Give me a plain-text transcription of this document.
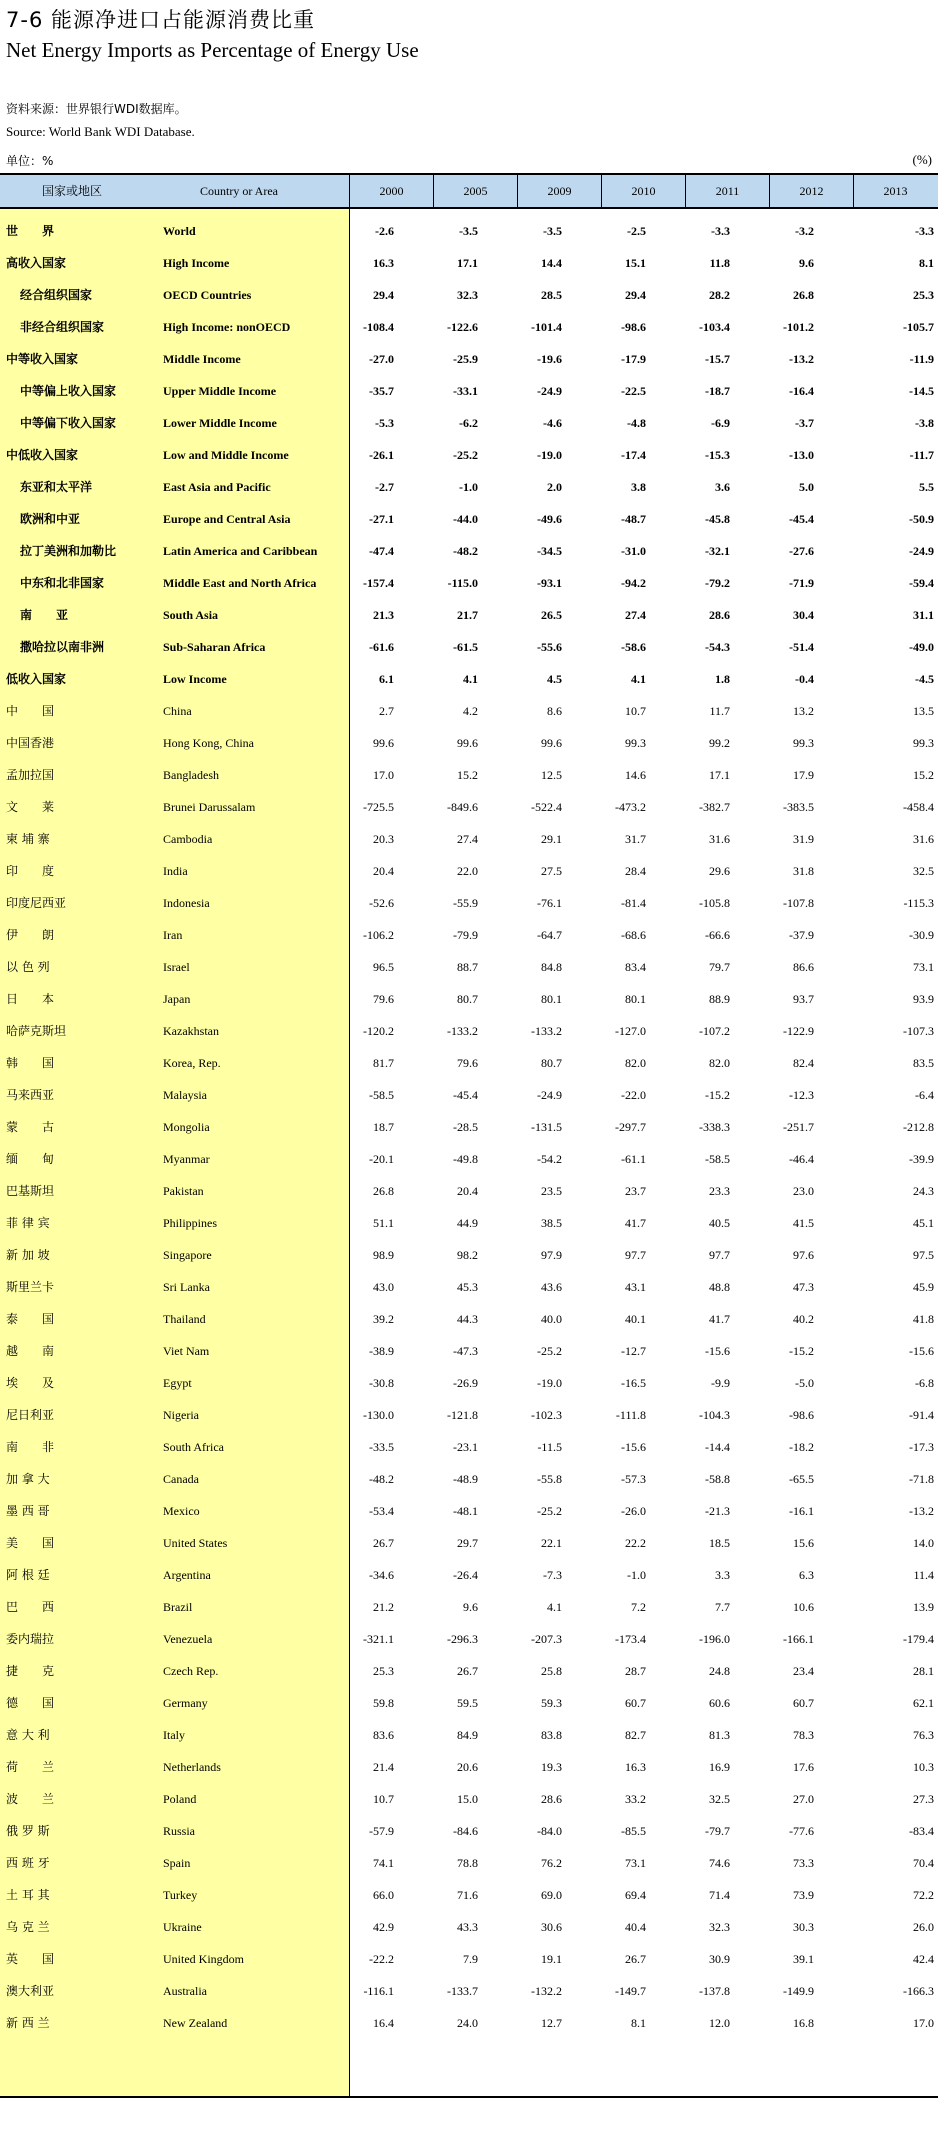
7-6 能源净进口占能源消费比重
Net Energy Imports as Percentage of Energy Use
资料来源：世界银行WDI数据库。
Source: World Bank WDI Database.
单位：%	(%)
国家或地区	Country or Area	2000	2005	2009	2010	2011	2012	2013
世　　界	World	-2.6	-3.5	-3.5	-2.5	-3.3	-3.2	-3.3
高收入国家	High Income	16.3	17.1	14.4	15.1	11.8	9.6	8.1
经合组织国家	OECD Countries	29.4	32.3	28.5	29.4	28.2	26.8	25.3
非经合组织国家	High Income: nonOECD	-108.4	-122.6	-101.4	-98.6	-103.4	-101.2	-105.7
中等收入国家	Middle Income	-27.0	-25.9	-19.6	-17.9	-15.7	-13.2	-11.9
中等偏上收入国家	Upper Middle Income	-35.7	-33.1	-24.9	-22.5	-18.7	-16.4	-14.5
中等偏下收入国家	Lower Middle Income	-5.3	-6.2	-4.6	-4.8	-6.9	-3.7	-3.8
中低收入国家	Low and Middle Income	-26.1	-25.2	-19.0	-17.4	-15.3	-13.0	-11.7
东亚和太平洋	East Asia and Pacific	-2.7	-1.0	2.0	3.8	3.6	5.0	5.5
欧洲和中亚	Europe and Central Asia	-27.1	-44.0	-49.6	-48.7	-45.8	-45.4	-50.9
拉丁美洲和加勒比	Latin America and Caribbean	-47.4	-48.2	-34.5	-31.0	-32.1	-27.6	-24.9
中东和北非国家	Middle East and North Africa	-157.4	-115.0	-93.1	-94.2	-79.2	-71.9	-59.4
南　　亚	South Asia	21.3	21.7	26.5	27.4	28.6	30.4	31.1
撒哈拉以南非洲	Sub-Saharan Africa	-61.6	-61.5	-55.6	-58.6	-54.3	-51.4	-49.0
低收入国家	Low Income	6.1	4.1	4.5	4.1	1.8	-0.4	-4.5
中　　国	China	2.7	4.2	8.6	10.7	11.7	13.2	13.5
中国香港	Hong Kong, China	99.6	99.6	99.6	99.3	99.2	99.3	99.3
孟加拉国	Bangladesh	17.0	15.2	12.5	14.6	17.1	17.9	15.2
文　　莱	Brunei Darussalam	-725.5	-849.6	-522.4	-473.2	-382.7	-383.5	-458.4
柬 埔 寨	Cambodia	20.3	27.4	29.1	31.7	31.6	31.9	31.6
印　　度	India	20.4	22.0	27.5	28.4	29.6	31.8	32.5
印度尼西亚	Indonesia	-52.6	-55.9	-76.1	-81.4	-105.8	-107.8	-115.3
伊　　朗	Iran	-106.2	-79.9	-64.7	-68.6	-66.6	-37.9	-30.9
以 色 列	Israel	96.5	88.7	84.8	83.4	79.7	86.6	73.1
日　　本	Japan	79.6	80.7	80.1	80.1	88.9	93.7	93.9
哈萨克斯坦	Kazakhstan	-120.2	-133.2	-133.2	-127.0	-107.2	-122.9	-107.3
韩　　国	Korea, Rep.	81.7	79.6	80.7	82.0	82.0	82.4	83.5
马来西亚	Malaysia	-58.5	-45.4	-24.9	-22.0	-15.2	-12.3	-6.4
蒙　　古	Mongolia	18.7	-28.5	-131.5	-297.7	-338.3	-251.7	-212.8
缅　　甸	Myanmar	-20.1	-49.8	-54.2	-61.1	-58.5	-46.4	-39.9
巴基斯坦	Pakistan	26.8	20.4	23.5	23.7	23.3	23.0	24.3
菲 律 宾	Philippines	51.1	44.9	38.5	41.7	40.5	41.5	45.1
新 加 坡	Singapore	98.9	98.2	97.9	97.7	97.7	97.6	97.5
斯里兰卡	Sri Lanka	43.0	45.3	43.6	43.1	48.8	47.3	45.9
泰　　国	Thailand	39.2	44.3	40.0	40.1	41.7	40.2	41.8
越　　南	Viet Nam	-38.9	-47.3	-25.2	-12.7	-15.6	-15.2	-15.6
埃　　及	Egypt	-30.8	-26.9	-19.0	-16.5	-9.9	-5.0	-6.8
尼日利亚	Nigeria	-130.0	-121.8	-102.3	-111.8	-104.3	-98.6	-91.4
南　　非	South Africa	-33.5	-23.1	-11.5	-15.6	-14.4	-18.2	-17.3
加 拿 大	Canada	-48.2	-48.9	-55.8	-57.3	-58.8	-65.5	-71.8
墨 西 哥	Mexico	-53.4	-48.1	-25.2	-26.0	-21.3	-16.1	-13.2
美　　国	United States	26.7	29.7	22.1	22.2	18.5	15.6	14.0
阿 根 廷	Argentina	-34.6	-26.4	-7.3	-1.0	3.3	6.3	11.4
巴　　西	Brazil	21.2	9.6	4.1	7.2	7.7	10.6	13.9
委内瑞拉	Venezuela	-321.1	-296.3	-207.3	-173.4	-196.0	-166.1	-179.4
捷　　克	Czech Rep.	25.3	26.7	25.8	28.7	24.8	23.4	28.1
德　　国	Germany	59.8	59.5	59.3	60.7	60.6	60.7	62.1
意 大 利	Italy	83.6	84.9	83.8	82.7	81.3	78.3	76.3
荷　　兰	Netherlands	21.4	20.6	19.3	16.3	16.9	17.6	10.3
波　　兰	Poland	10.7	15.0	28.6	33.2	32.5	27.0	27.3
俄 罗 斯	Russia	-57.9	-84.6	-84.0	-85.5	-79.7	-77.6	-83.4
西 班 牙	Spain	74.1	78.8	76.2	73.1	74.6	73.3	70.4
土 耳 其	Turkey	66.0	71.6	69.0	69.4	71.4	73.9	72.2
乌 克 兰	Ukraine	42.9	43.3	30.6	40.4	32.3	30.3	26.0
英　　国	United Kingdom	-22.2	7.9	19.1	26.7	30.9	39.1	42.4
澳大利亚	Australia	-116.1	-133.7	-132.2	-149.7	-137.8	-149.9	-166.3
新 西 兰	New Zealand	16.4	24.0	12.7	8.1	12.0	16.8	17.0
